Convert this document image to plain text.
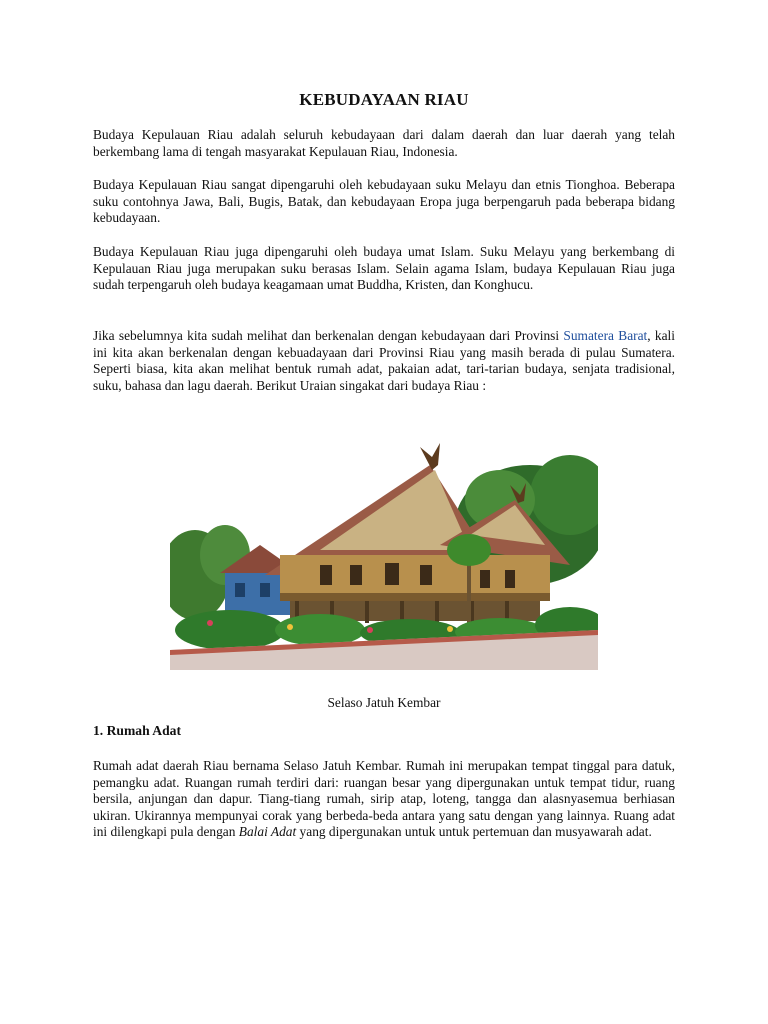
KEBUDAYAAN RIAU

Budaya Kepulauan Riau adalah seluruh kebudayaan dari dalam daerah dan luar daerah yang telah berkembang lama di tengah masyarakat Kepulauan Riau, Indonesia.

Budaya Kepulauan Riau sangat dipengaruhi oleh kebudayaan suku Melayu dan etnis Tionghoa. Beberapa suku contohnya Jawa, Bali, Bugis, Batak, dan kebudayaan Eropa juga berpengaruh pada beberapa bidang kebudayaan.

Budaya Kepulauan Riau juga dipengaruhi oleh budaya umat Islam. Suku Melayu yang berkembang di Kepulauan Riau juga merupakan suku berasas Islam. Selain agama Islam, budaya Kepulauan Riau juga sudah terpengaruh oleh budaya keagamaan umat Buddha, Kristen, dan Konghucu.

Jika sebelumnya kita sudah melihat dan berkenalan dengan kebudayaan dari Provinsi Sumatera Barat, kali ini kita akan berkenalan dengan kebuadayaan dari Provinsi Riau yang masih berada di pulau Sumatera. Seperti biasa, kita akan melihat bentuk rumah adat, pakaian adat, tari-tarian budaya, senjata tradisional, suku, bahasa dan lagu daerah. Berikut Uraian singakat dari budaya Riau :

Selaso Jatuh Kembar
1. Rumah Adat

Rumah adat daerah Riau bernama Selaso Jatuh Kembar. Rumah ini merupakan tempat tinggal para datuk, pemangku adat. Ruangan rumah terdiri dari: ruangan besar yang dipergunakan untuk tempat tidur, ruang bersila, anjungan dan dapur. Tiang-tiang rumah, sirip atap, loteng, tangga dan alasnyasemua berhiasan ukiran. Ukirannya mempunyai corak yang berbeda-beda antara yang satu dengan yang lainnya. Ruang adat ini dilengkapi pula dengan Balai Adat yang dipergunakan untuk untuk pertemuan dan musyawarah adat.
